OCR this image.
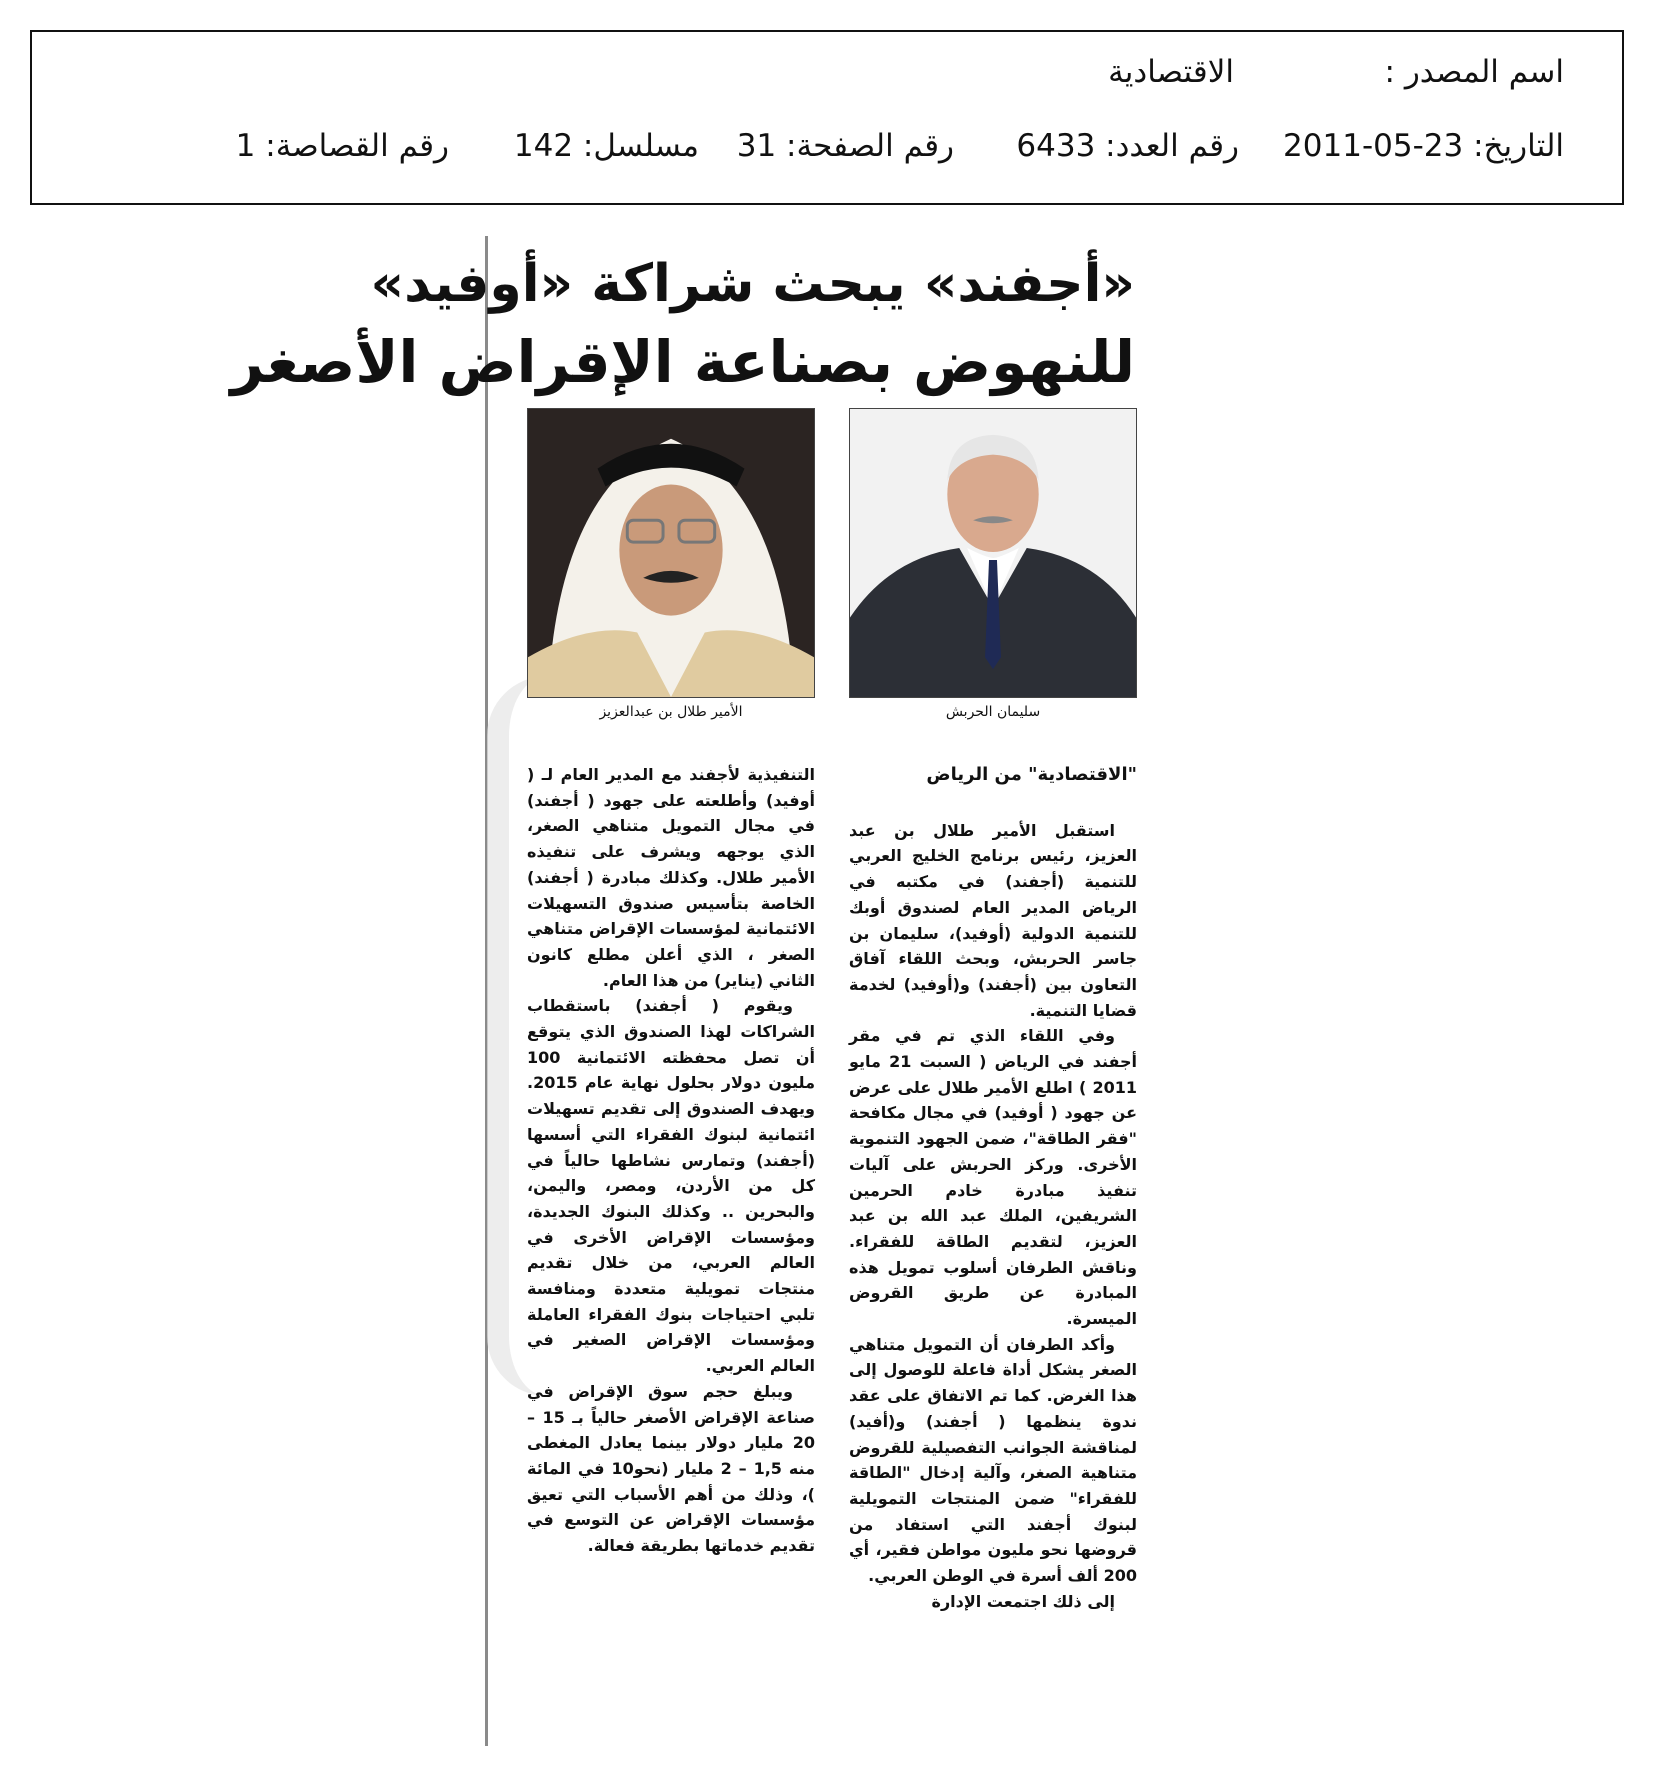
اسم المصدر :
الاقتصادية
التاريخ: 23-05-2011
رقم العدد: 6433
رقم الصفحة: 31
مسلسل: 142
رقم القصاصة: 1
«أجفند» يبحث شراكة «أوفيد»
للنهوض بصناعة الإقراض الأصغر
سليمان الحربش
الأمير طلال بن عبدالعزيز

"الاقتصادية" من الرياض

استقبل الأمير طلال بن عبد العزيز، رئيس برنامج الخليج العربي للتنمية (أجفند) في مكتبه في الرياض المدير العام لصندوق أوبك للتنمية الدولية (أوفيد)، سليمان بن جاسر الحربش، وبحث اللقاء آفاق التعاون بين (أجفند) و(أوفيد) لخدمة قضايا التنمية.

وفي اللقاء الذي تم في مقر أجفند في الرياض ( السبت 21 مايو 2011 ) اطلع الأمير طلال على عرض عن جهود ( أوفيد) في مجال مكافحة "فقر الطاقة"، ضمن الجهود التنموية الأخرى. وركز الحربش على آليات تنفيذ مبادرة خادم الحرمين الشريفين، الملك عبد الله بن عبد العزيز، لتقديم الطاقة للفقراء. وناقش الطرفان أسلوب تمويل هذه المبادرة عن طريق القروض الميسرة.

وأكد الطرفان أن التمويل متناهي الصغر يشكل أداة فاعلة للوصول إلى هذا الغرض. كما تم الاتفاق على عقد ندوة ينظمها ( أجفند) و(أفيد) لمناقشة الجوانب التفصيلية للقروض متناهية الصغر، وآلية إدخال "الطاقة للفقراء" ضمن المنتجات التمويلية لبنوك أجفند التي استفاد من قروضها نحو مليون مواطن فقير، أي 200 ألف أسرة في الوطن العربي.

إلى ذلك اجتمعت الإدارة

التنفيذية لأجفند مع المدير العام لـ ( أوفيد) وأطلعته على جهود ( أجفند) في مجال التمويل متناهي الصغر، الذي يوجهه ويشرف على تنفيذه الأمير طلال. وكذلك مبادرة ( أجفند) الخاصة بتأسيس صندوق التسهيلات الائتمانية لمؤسسات الإقراض متناهي الصغر ، الذي أعلن مطلع كانون الثاني (يناير) من هذا العام.

ويقوم ( أجفند) باستقطاب الشراكات لهذا الصندوق الذي يتوقع أن تصل محفظته الائتمانية 100 مليون دولار بحلول نهاية عام 2015. ويهدف الصندوق إلى تقديم تسهيلات ائتمانية لبنوك الفقراء التي أسسها (أجفند) وتمارس نشاطها حالياً في كل من الأردن، ومصر، واليمن، والبحرين .. وكذلك البنوك الجديدة، ومؤسسات الإقراض الأخرى في العالم العربي، من خلال تقديم منتجات تمويلية متعددة ومنافسة تلبي احتياجات بنوك الفقراء العاملة ومؤسسات الإقراض الصغير في العالم العربي.

ويبلغ حجم سوق الإقراض في صناعة الإقراض الأصغر حالياً بـ 15 – 20 مليار دولار بينما يعادل المغطى منه 1,5 – 2 مليار (نحو10 في المائة )، وذلك من أهم الأسباب التي تعيق مؤسسات الإقراض عن التوسع في تقديم خدماتها بطريقة فعالة.
